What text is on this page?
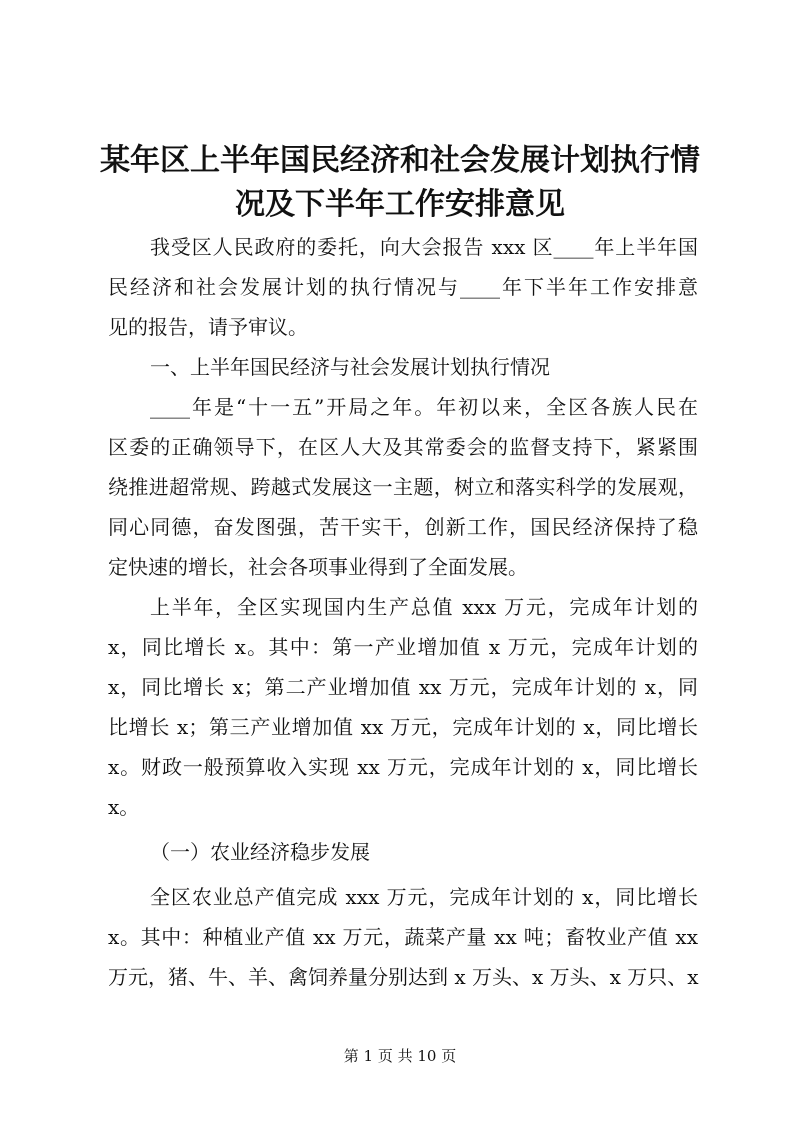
某年区上半年国民经济和社会发展计划执行情
况及下半年工作安排意见

我受区人民政府的委托，向大会报告 xxx 区____年上半年国

民经济和社会发展计划的执行情况与____年下半年工作安排意

见的报告，请予审议。

一、上半年国民经济与社会发展计划执行情况

____年是“十一五”开局之年。年初以来，全区各族人民在

区委的正确领导下，在区人大及其常委会的监督支持下，紧紧围

绕推进超常规、跨越式发展这一主题，树立和落实科学的发展观，

同心同德，奋发图强，苦干实干，创新工作，国民经济保持了稳

定快速的增长，社会各项事业得到了全面发展。

上半年，全区实现国内生产总值 xxx 万元，完成年计划的

x，同比增长 x。其中：第一产业增加值 x 万元，完成年计划的

x，同比增长 x；第二产业增加值 xx 万元，完成年计划的 x，同

比增长 x；第三产业增加值 xx 万元，完成年计划的 x，同比增长

x。财政一般预算收入实现 xx 万元，完成年计划的 x，同比增长

x。

（一）农业经济稳步发展

全区农业总产值完成 xxx 万元，完成年计划的 x，同比增长

x。其中：种植业产值 xx 万元，蔬菜产量 xx 吨；畜牧业产值 xx

万元，猪、牛、羊、禽饲养量分别达到 x 万头、x 万头、x 万只、x

第 1 页 共 10 页
